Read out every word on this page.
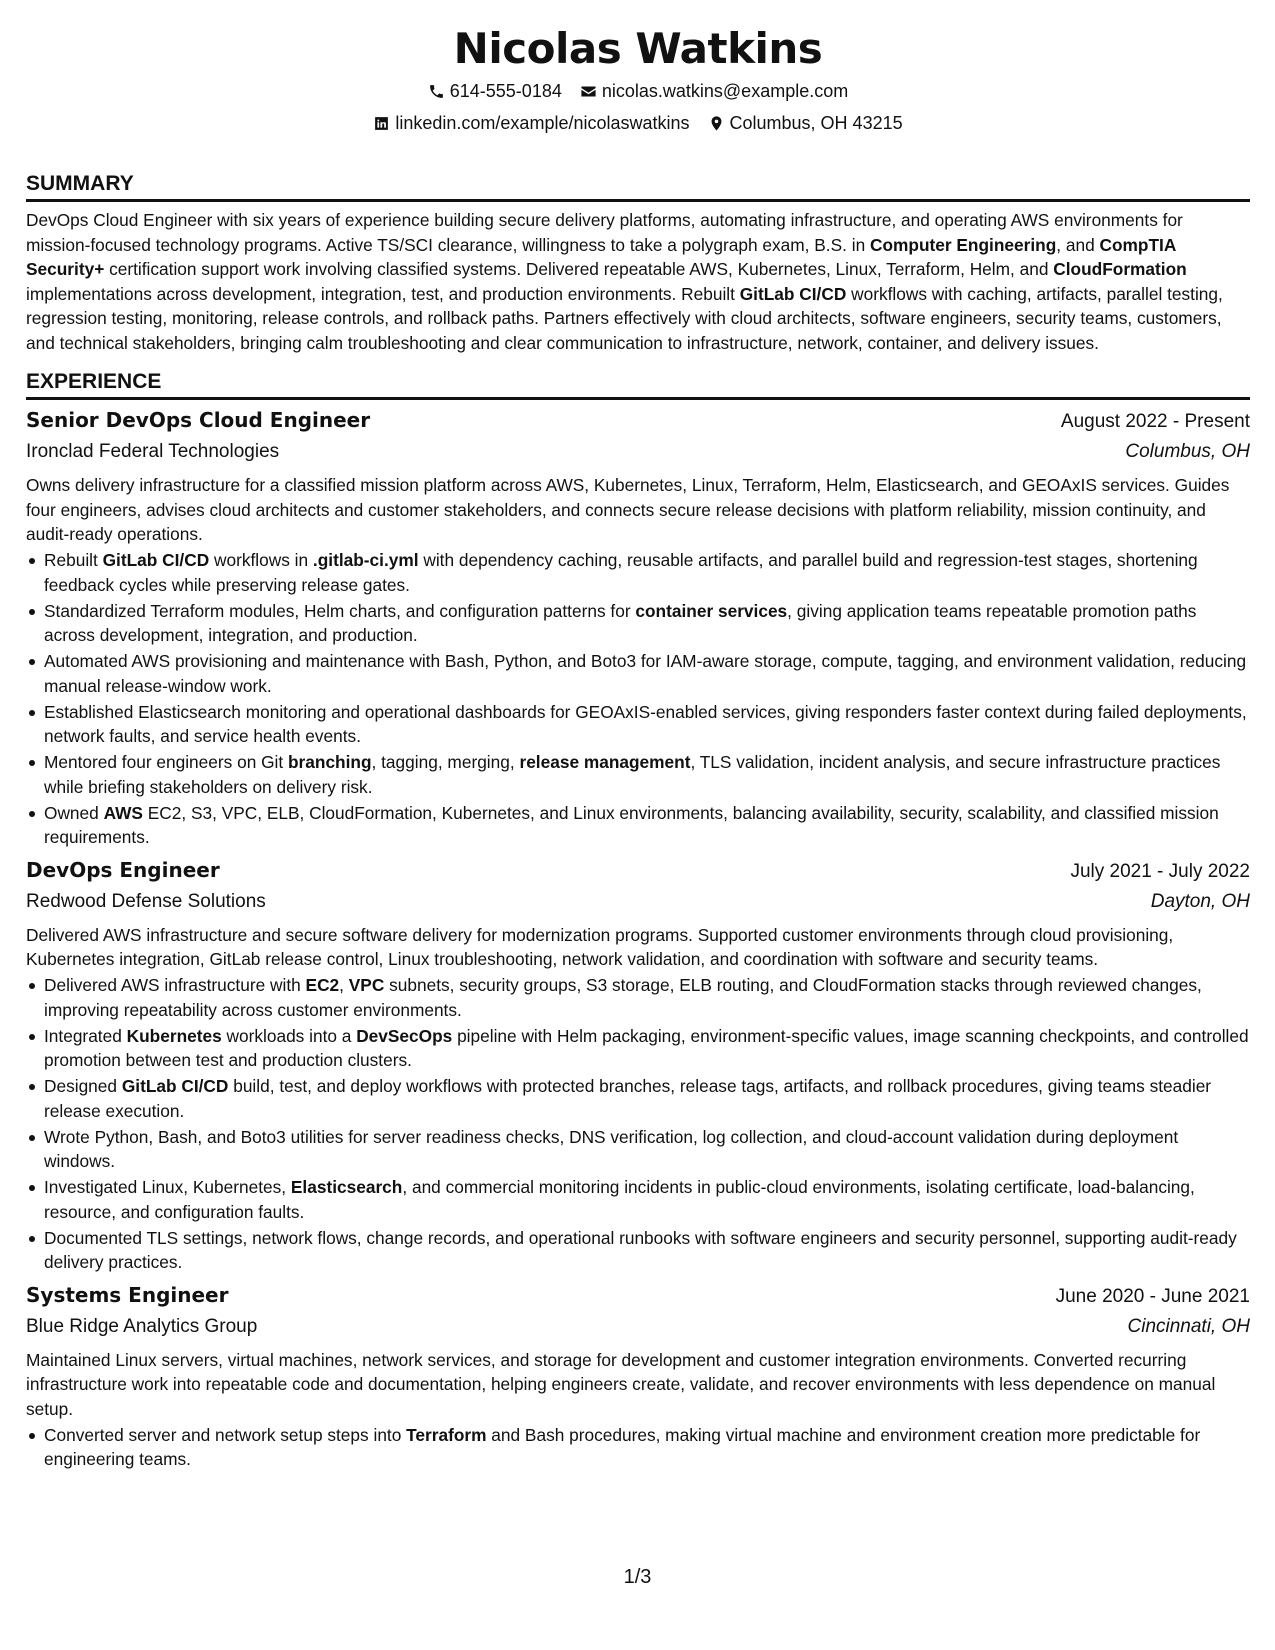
Nicolas Watkins
614-555-0184 nicolas.watkins@example.com
linkedin.com/example/nicolaswatkins Columbus, OH 43215
SUMMARY

DevOps Cloud Engineer with six years of experience building secure delivery platforms, automating infrastructure, and operating AWS environments for mission-focused technology programs. Active TS/SCI clearance, willingness to take a polygraph exam, B.S. in Computer Engineering, and CompTIA Security+ certification support work involving classified systems. Delivered repeatable AWS, Kubernetes, Linux, Terraform, Helm, and CloudFormation implementations across development, integration, test, and production environments. Rebuilt GitLab CI/CD workflows with caching, artifacts, parallel testing, regression testing, monitoring, release controls, and rollback paths. Partners effectively with cloud architects, software engineers, security teams, customers, and technical stakeholders, bringing calm troubleshooting and clear communication to infrastructure, network, container, and delivery issues.

EXPERIENCE
Senior DevOps Cloud Engineer	August 2022 - Present
Ironclad Federal Technologies	Columbus, OH

Owns delivery infrastructure for a classified mission platform across AWS, Kubernetes, Linux, Terraform, Helm, Elasticsearch, and GEOAxIS services. Guides four engineers, advises cloud architects and customer stakeholders, and connects secure release decisions with platform reliability, mission continuity, and audit-ready operations.

Rebuilt GitLab CI/CD workflows in .gitlab-ci.yml with dependency caching, reusable artifacts, and parallel build and regression-test stages, shortening feedback cycles while preserving release gates.
Standardized Terraform modules, Helm charts, and configuration patterns for container services, giving application teams repeatable promotion paths across development, integration, and production.
Automated AWS provisioning and maintenance with Bash, Python, and Boto3 for IAM-aware storage, compute, tagging, and environment validation, reducing manual release-window work.
Established Elasticsearch monitoring and operational dashboards for GEOAxIS-enabled services, giving responders faster context during failed deployments, network faults, and service health events.
Mentored four engineers on Git branching, tagging, merging, release management, TLS validation, incident analysis, and secure infrastructure practices while briefing stakeholders on delivery risk.
Owned AWS EC2, S3, VPC, ELB, CloudFormation, Kubernetes, and Linux environments, balancing availability, security, scalability, and classified mission requirements.
DevOps Engineer	July 2021 - July 2022
Redwood Defense Solutions	Dayton, OH

Delivered AWS infrastructure and secure software delivery for modernization programs. Supported customer environments through cloud provisioning, Kubernetes integration, GitLab release control, Linux troubleshooting, network validation, and coordination with software and security teams.

Delivered AWS infrastructure with EC2, VPC subnets, security groups, S3 storage, ELB routing, and CloudFormation stacks through reviewed changes, improving repeatability across customer environments.
Integrated Kubernetes workloads into a DevSecOps pipeline with Helm packaging, environment-specific values, image scanning checkpoints, and controlled promotion between test and production clusters.
Designed GitLab CI/CD build, test, and deploy workflows with protected branches, release tags, artifacts, and rollback procedures, giving teams steadier release execution.
Wrote Python, Bash, and Boto3 utilities for server readiness checks, DNS verification, log collection, and cloud-account validation during deployment windows.
Investigated Linux, Kubernetes, Elasticsearch, and commercial monitoring incidents in public-cloud environments, isolating certificate, load-balancing, resource, and configuration faults.
Documented TLS settings, network flows, change records, and operational runbooks with software engineers and security personnel, supporting audit-ready delivery practices.
Systems Engineer	June 2020 - June 2021
Blue Ridge Analytics Group	Cincinnati, OH

Maintained Linux servers, virtual machines, network services, and storage for development and customer integration environments. Converted recurring infrastructure work into repeatable code and documentation, helping engineers create, validate, and recover environments with less dependence on manual setup.

Converted server and network setup steps into Terraform and Bash procedures, making virtual machine and environment creation more predictable for engineering teams.
1/3
